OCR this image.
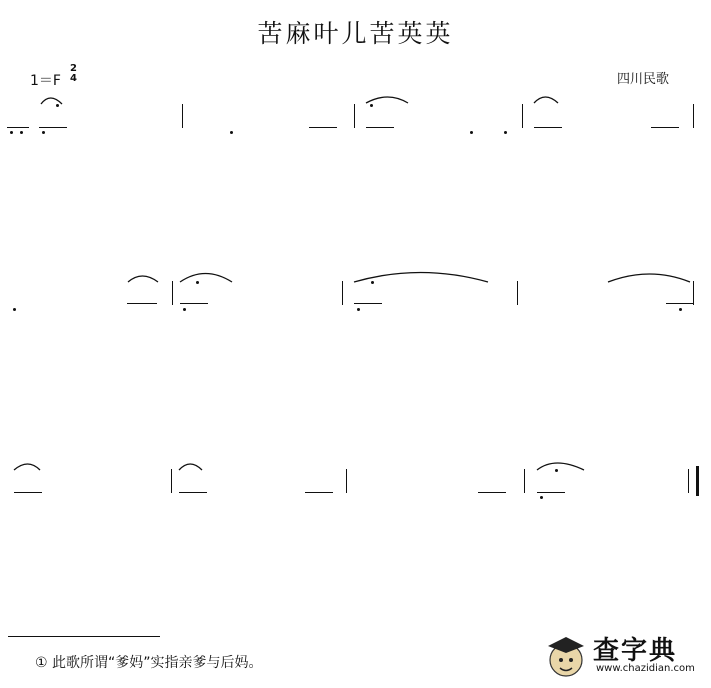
苦麻叶儿苦英英
1＝F
2
4	四川民歌
① 此歌所谓“爹妈”实指亲爹与后妈。	查字典
www.chazidian.com
